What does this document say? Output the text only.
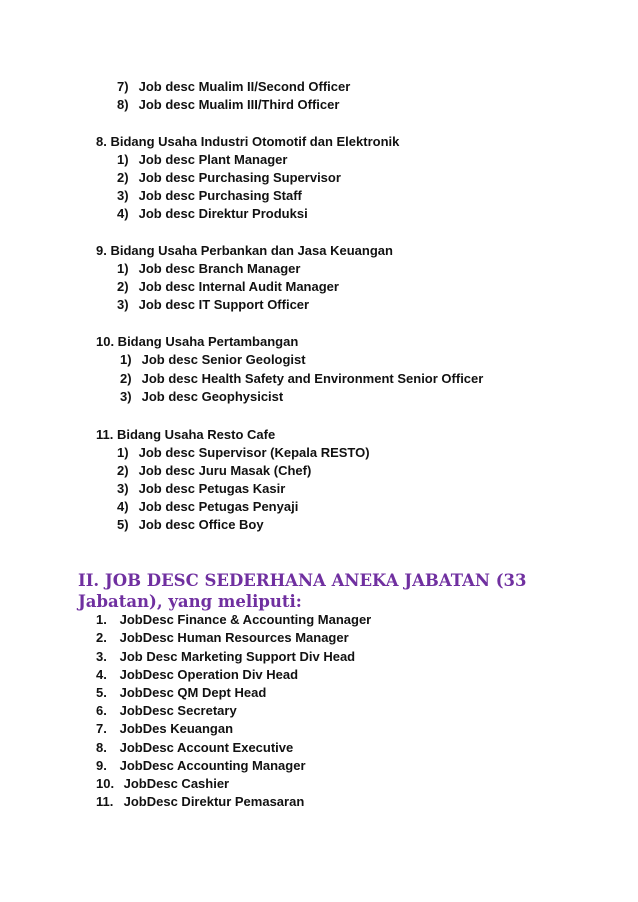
7) Job desc Mualim II/Second Officer
8) Job desc Mualim III/Third Officer
8. Bidang Usaha Industri Otomotif dan Elektronik
1) Job desc Plant Manager
2) Job desc Purchasing Supervisor
3) Job desc Purchasing Staff
4) Job desc Direktur Produksi
9. Bidang Usaha Perbankan dan Jasa Keuangan
1) Job desc Branch Manager
2) Job desc Internal Audit Manager
3) Job desc IT Support Officer
10. Bidang Usaha Pertambangan
1) Job desc Senior Geologist
2) Job desc Health Safety and Environment Senior Officer
3) Job desc Geophysicist
11. Bidang Usaha Resto Cafe
1) Job desc Supervisor (Kepala RESTO)
2) Job desc Juru Masak (Chef)
3) Job desc Petugas Kasir
4) Job desc Petugas Penyaji
5) Job desc Office Boy
II. JOB DESC SEDERHANA ANEKA JABATAN (33 Jabatan), yang meliputi:
1. JobDesc Finance & Accounting Manager
2. JobDesc Human Resources Manager
3. Job Desc Marketing Support Div Head
4. JobDesc Operation Div Head
5. JobDesc QM Dept Head
6. JobDesc Secretary
7. JobDes Keuangan
8. JobDesc Account Executive
9. JobDesc Accounting Manager
10. JobDesc Cashier
11. JobDesc Direktur Pemasaran
